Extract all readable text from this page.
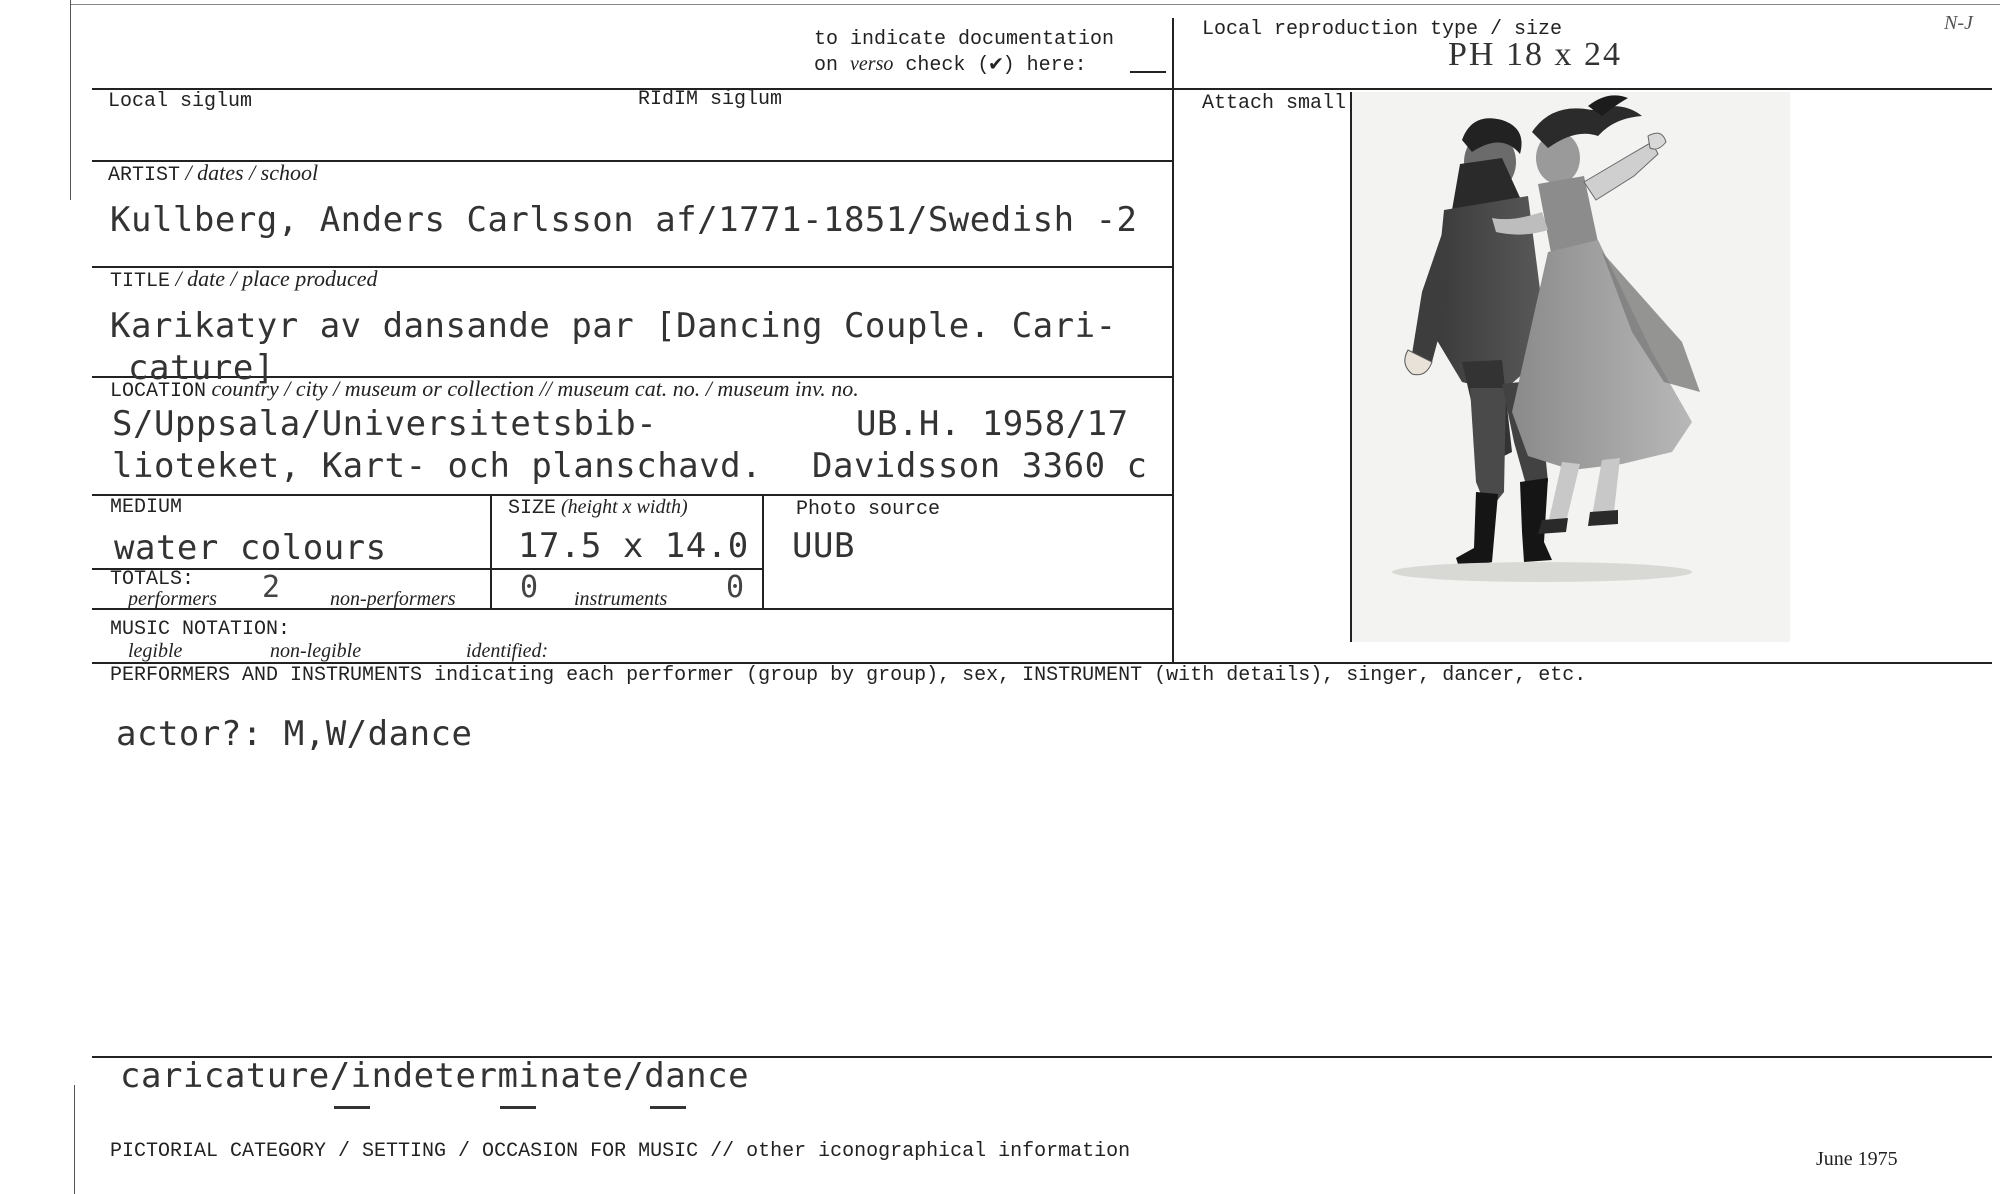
to indicate documentation
on verso check (✔) here:
Local reproduction type / size
PH 18 x 24
N-J
Local siglum	RIdIM siglum	Attach small
ARTIST / dates / school
Kullberg, Anders Carlsson af/1771-1851/Swedish -2
TITLE / date / place produced
Karikatyr av dansande par [Dancing Couple. Cari-
cature]
LOCATION country / city / museum or collection // museum cat. no. / museum inv. no.
S/Uppsala/Universitetsbib-
lioteket, Kart- och planschavd.
UB.H. 1958/17
Davidsson 3360 c
MEDIUM
water colours
SIZE (height x width)
17.5 x 14.0
Photo source
UUB
TOTALS:
performers 2 non-performers 0 instruments 0
MUSIC NOTATION:
legible	non-legible	identified:
PERFORMERS AND INSTRUMENTS indicating each performer (group by group), sex, INSTRUMENT (with details), singer, dancer, etc.
actor?: M,W/dance
caricature/indeterminate/dance
PICTORIAL CATEGORY / SETTING / OCCASION FOR MUSIC // other iconographical information	June 1975
